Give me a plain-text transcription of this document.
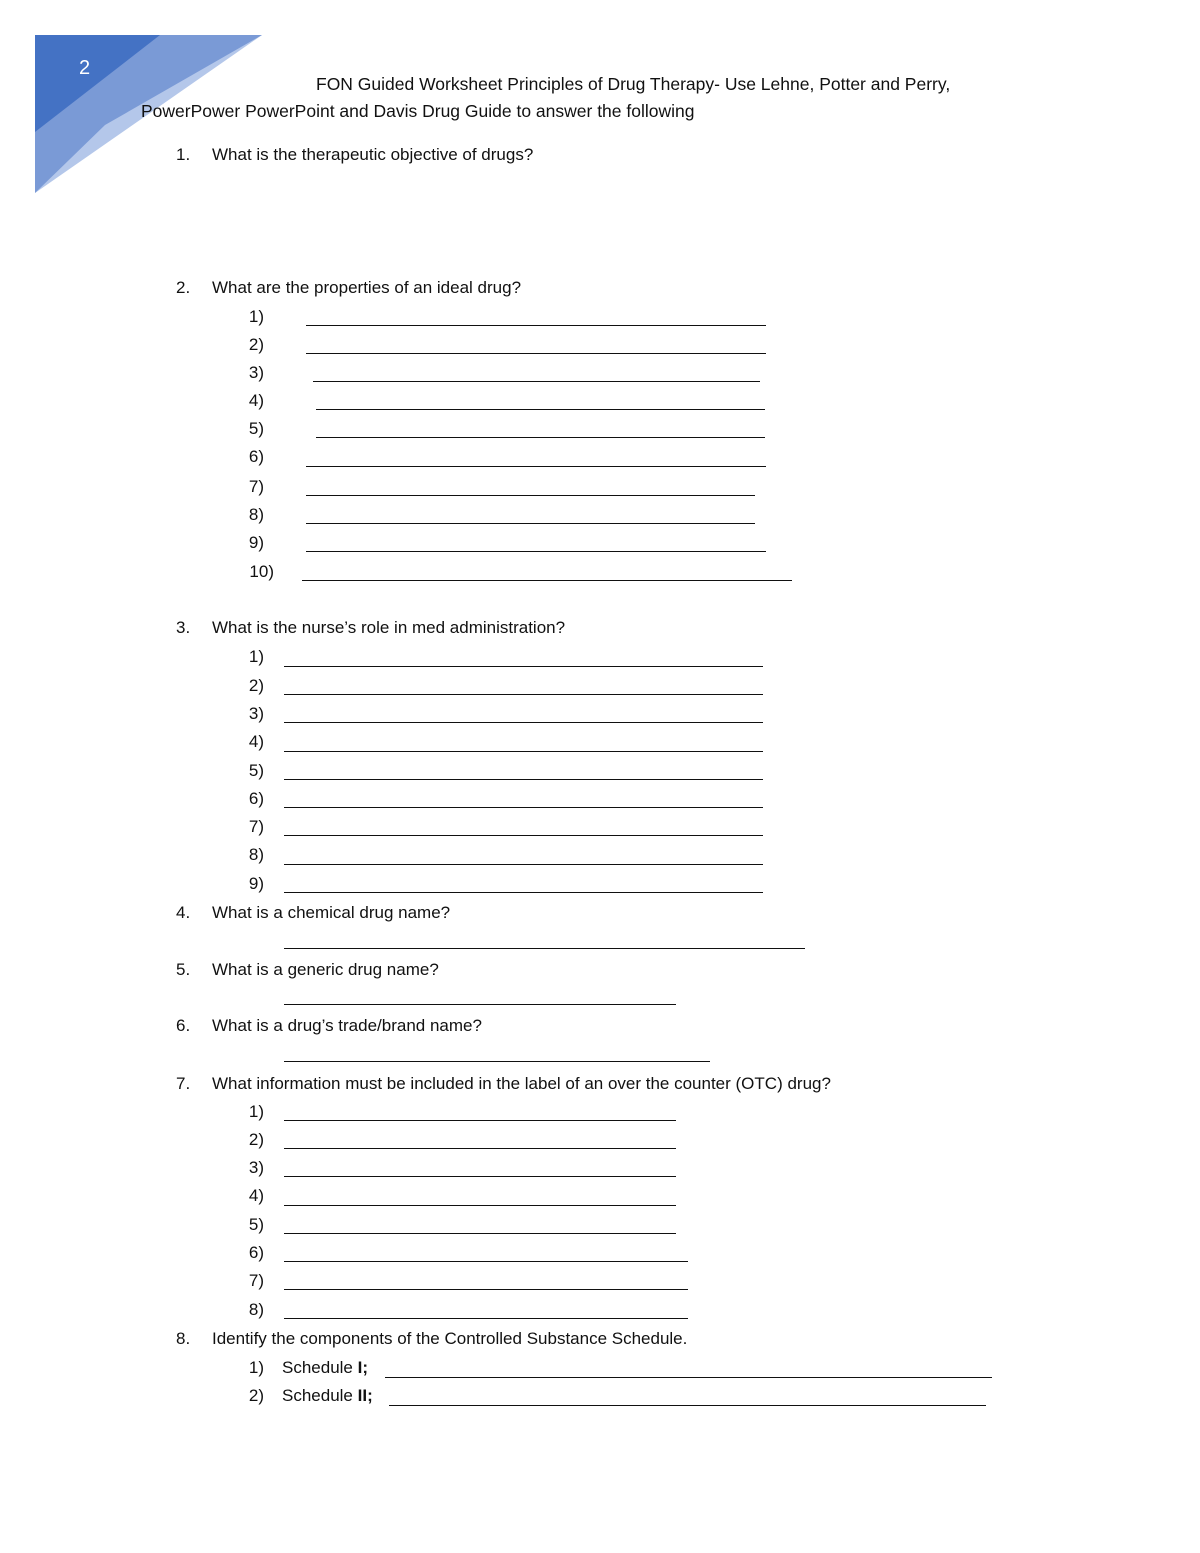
2
FON Guided Worksheet Principles of Drug Therapy- Use Lehne, Potter and Perry,
PowerPower PowerPoint and Davis Drug Guide to answer the following
1. What is the therapeutic objective of drugs?
2. What are the properties of an ideal drug?
1)
2)
3)
4)
5)
6)
7)
8)
9)
10)
3. What is the nurse’s role in med administration?
1)
2)
3)
4)
5)
6)
7)
8)
9)
4. What is a chemical drug name?
5. What is a generic drug name?
6. What is a drug’s trade/brand name?
7. What information must be included in the label of an over the counter (OTC) drug?
1)
2)
3)
4)
5)
6)
7)
8)
8. Identify the components of the Controlled Substance Schedule.
1) Schedule I;
2) Schedule II;
